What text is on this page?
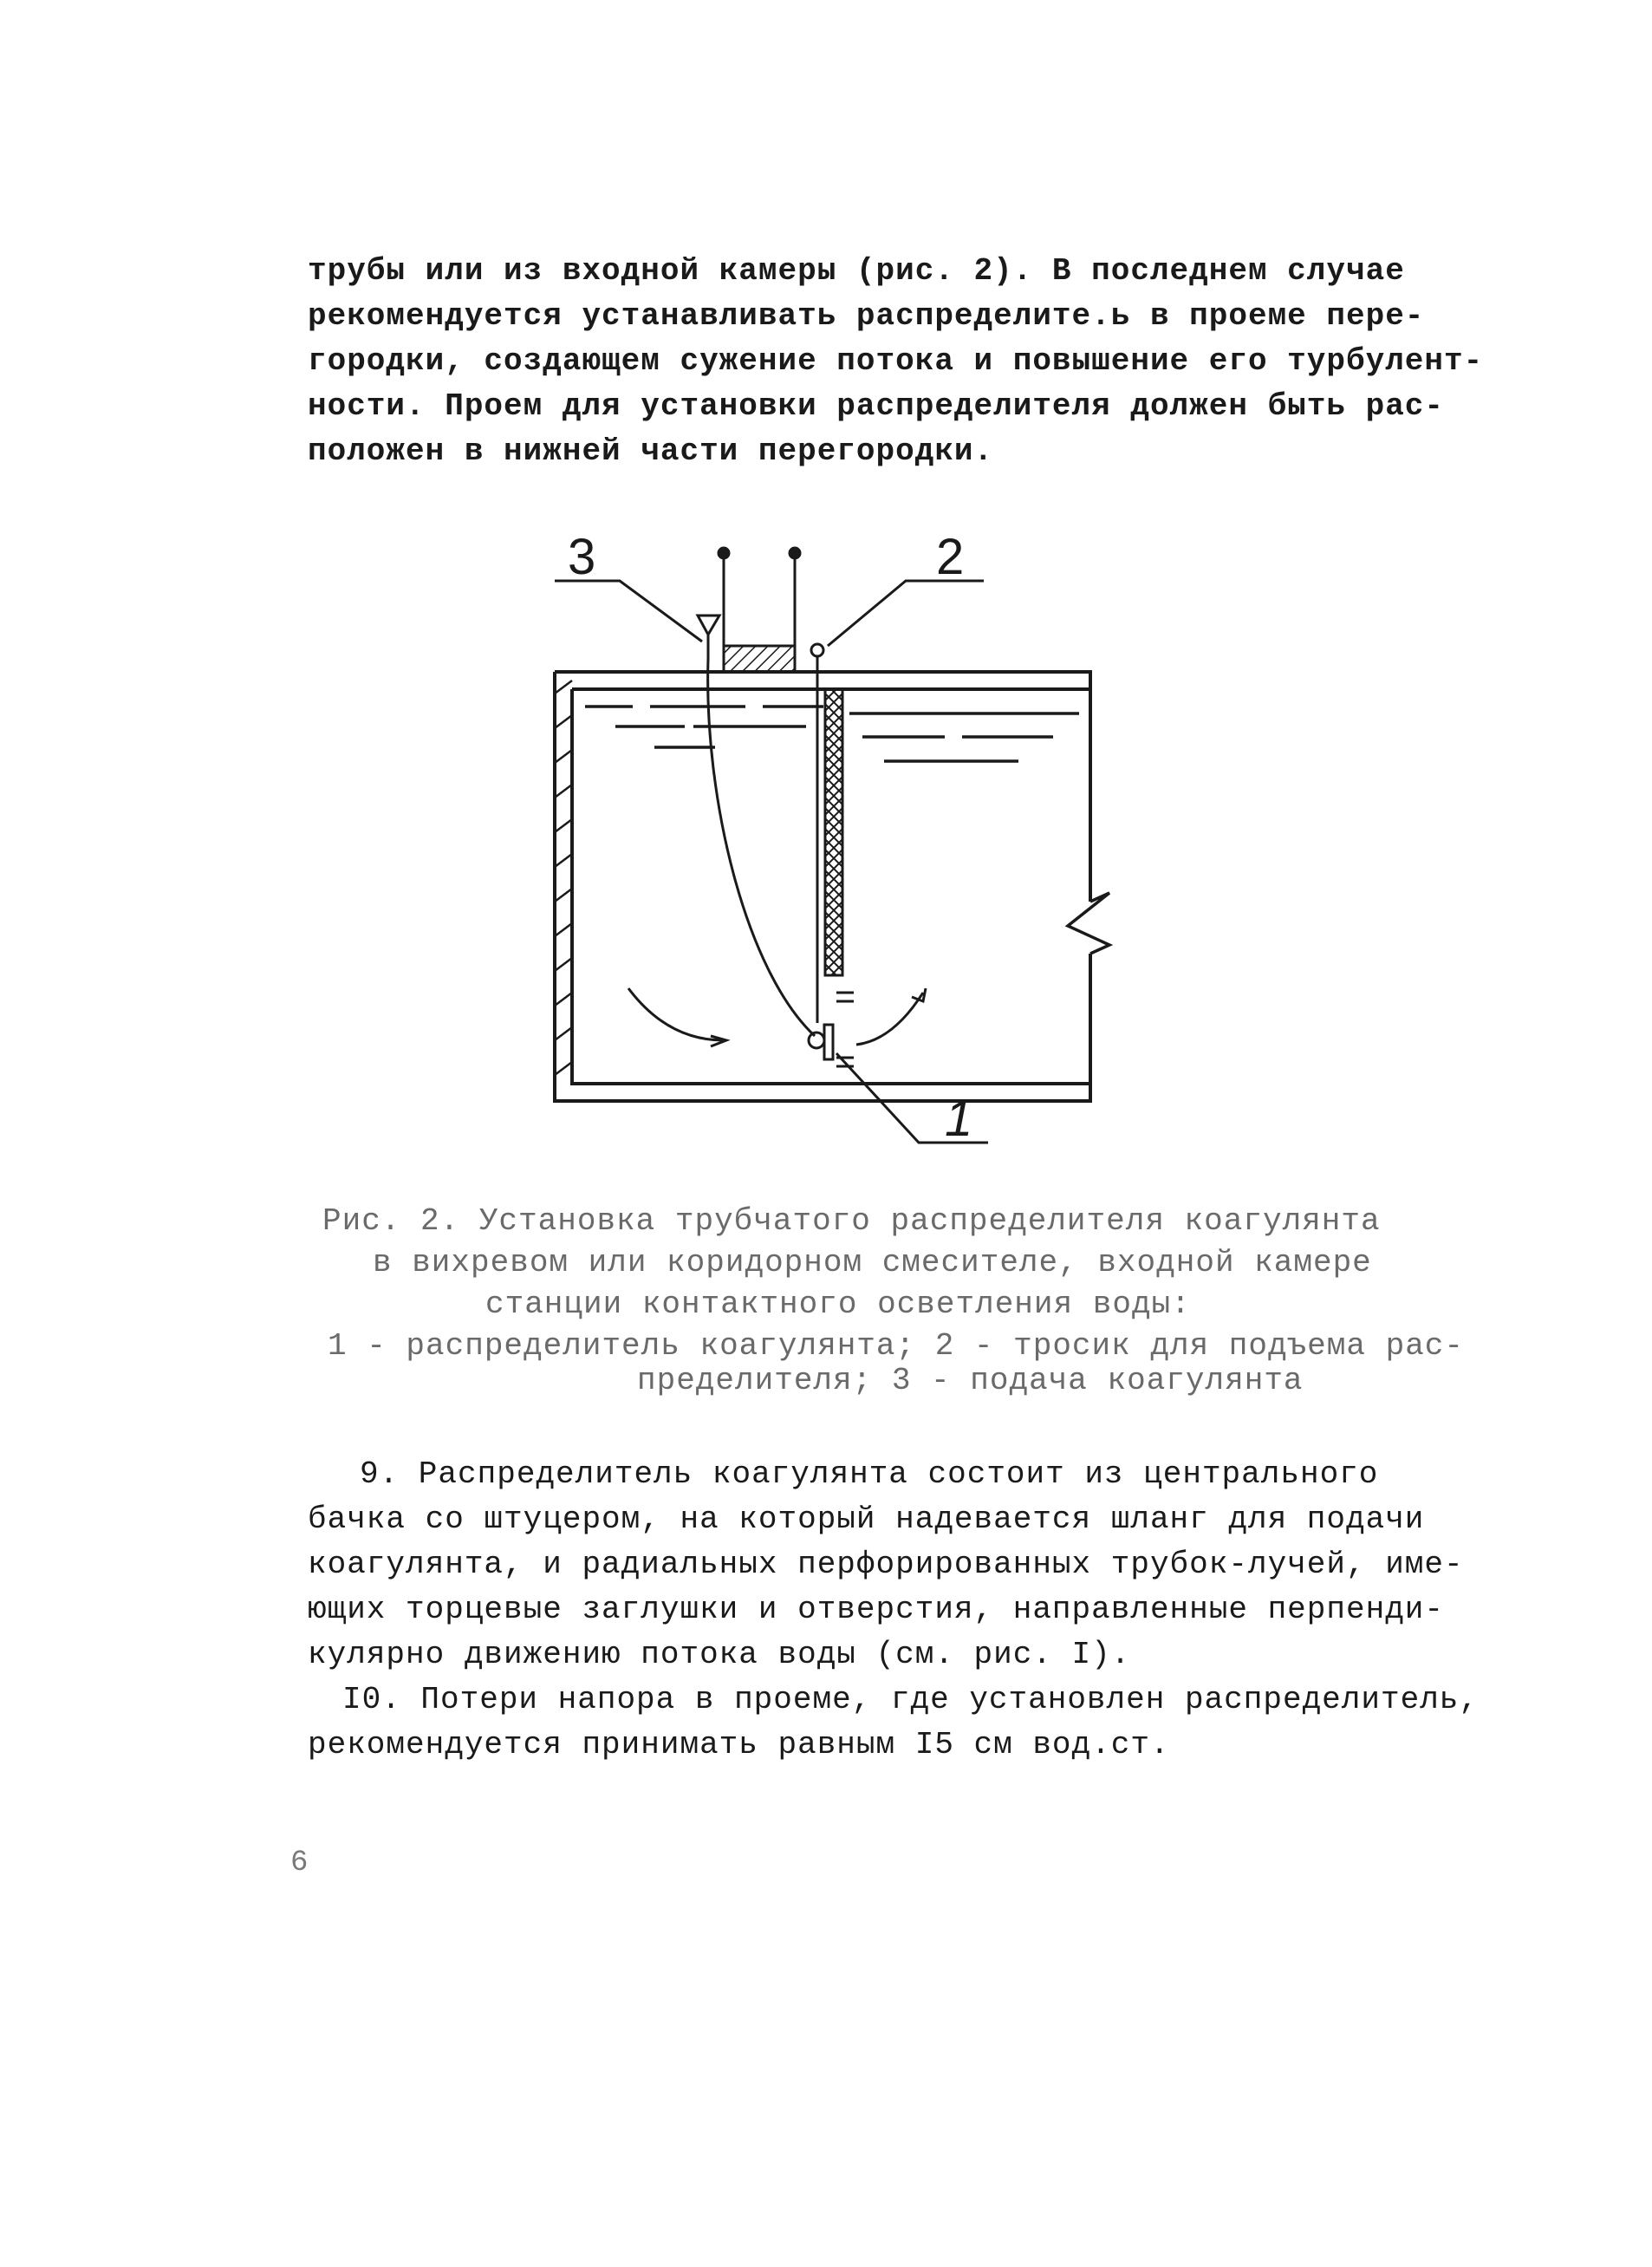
трубы или из входной камеры (рис. 2). В последнем случае
рекомендуется устанавливать распределите.ь в проеме пере-
городки, создающем сужение потока и повышение его турбулент-
ности. Проем для установки распределителя должен быть рас-
положен в нижней части перегородки.
3	2
1
Рис. 2. Установка трубчатого распределителя коагулянта
в вихревом или коридорном смесителе, входной камере
станции контактного осветления воды:
1 - распределитель коагулянта; 2 - тросик для подъема рас-
пределителя; 3 - подача коагулянта
9. Распределитель коагулянта состоит из центрального
бачка со штуцером, на который надевается шланг для подачи
коагулянта, и радиальных перфорированных трубок-лучей, име-
ющих торцевые заглушки и отверстия, направленные перпенди-
кулярно движению потока воды (см. рис. I).
I0. Потери напора в проеме, где установлен распределитель,
рекомендуется принимать равным I5 см вод.ст.
6
